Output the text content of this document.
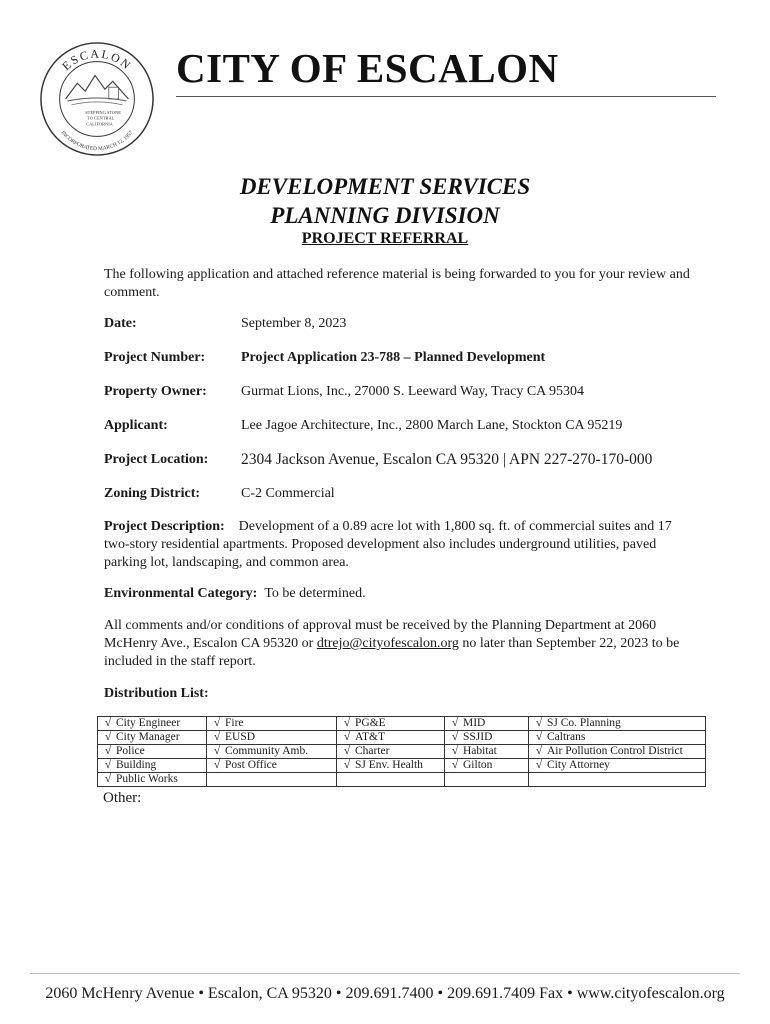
ESCALON
INCORPORATED MARCH 12, 1957
STEPPING STONE
TO CENTRAL
CALIFORNIA
CITY OF ESCALON
DEVELOPMENT SERVICES
PLANNING DIVISION
PROJECT REFERRAL
The following application and attached reference material is being forwarded to you for your review and comment.
Date:	September 8, 2023
Project Number:	Project Application 23-788 – Planned Development
Property Owner: Gurmat Lions, Inc., 27000 S. Leeward Way, Tracy CA 95304
Applicant:	Lee Jagoe Architecture, Inc., 2800 March Lane, Stockton CA 95219
Project Location: 2304 Jackson Avenue, Escalon CA 95320 | APN 227-270-170-000
Zoning District:	C-2 Commercial
Project Description: Development of a 0.89 acre lot with 1,800 sq. ft. of commercial suites and 17 two-story residential apartments. Proposed development also includes underground utilities, paved parking lot, landscaping, and common area.
Environmental Category: To be determined.
All comments and/or conditions of approval must be received by the Planning Department at 2060 McHenry Ave., Escalon CA 95320 or dtrejo@cityofescalon.org no later than September 22, 2023 to be included in the staff report.
Distribution List:
√ City Engineer	√ Fire	√ PG&E	√ MID	√ SJ Co. Planning
√ City Manager	√ EUSD	√ AT&T	√ SSJID	√ Caltrans
√ Police	√ Community Amb.	√ Charter	√ Habitat	√ Air Pollution Control District
√ Building	√ Post Office	√ SJ Env. Health	√ Gilton	√ City Attorney
√ Public Works				
Other:
2060 McHenry Avenue • Escalon, CA 95320 • 209.691.7400 • 209.691.7409 Fax • www.cityofescalon.org
